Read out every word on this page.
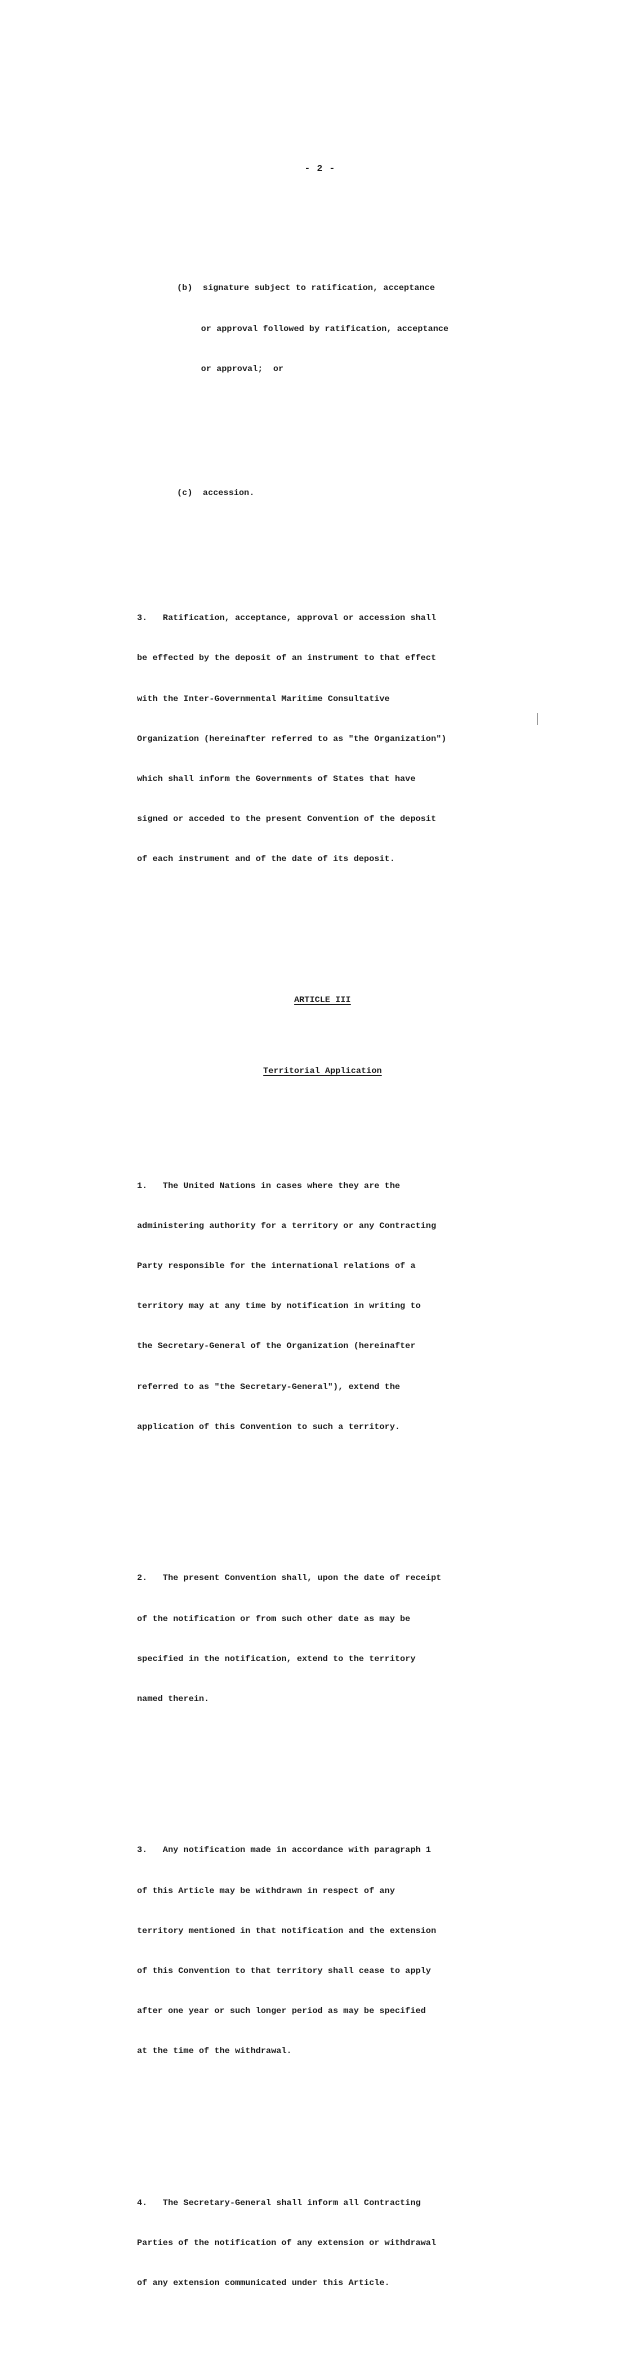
- 2 -

(b)  signature subject to ratification, acceptance

or approval followed by ratification, acceptance

or approval;  or

(c)  accession.

3.   Ratification, acceptance, approval or accession shall

be effected by the deposit of an instrument to that effect

with the Inter-Governmental Maritime Consultative

Organization (hereinafter referred to as "the Organization")

which shall inform the Governments of States that have

signed or acceded to the present Convention of the deposit

of each instrument and of the date of its deposit.

ARTICLE III

Territorial Application

1.   The United Nations in cases where they are the

administering authority for a territory or any Contracting

Party responsible for the international relations of a

territory may at any time by notification in writing to

the Secretary-General of the Organization (hereinafter

referred to as "the Secretary-General"), extend the

application of this Convention to such a territory.

2.   The present Convention shall, upon the date of receipt

of the notification or from such other date as may be

specified in the notification, extend to the territory

named therein.

3.   Any notification made in accordance with paragraph 1

of this Article may be withdrawn in respect of any

territory mentioned in that notification and the extension

of this Convention to that territory shall cease to apply

after one year or such longer period as may be specified

at the time of the withdrawal.

4.   The Secretary-General shall inform all Contracting

Parties of the notification of any extension or withdrawal

of any extension communicated under this Article.
